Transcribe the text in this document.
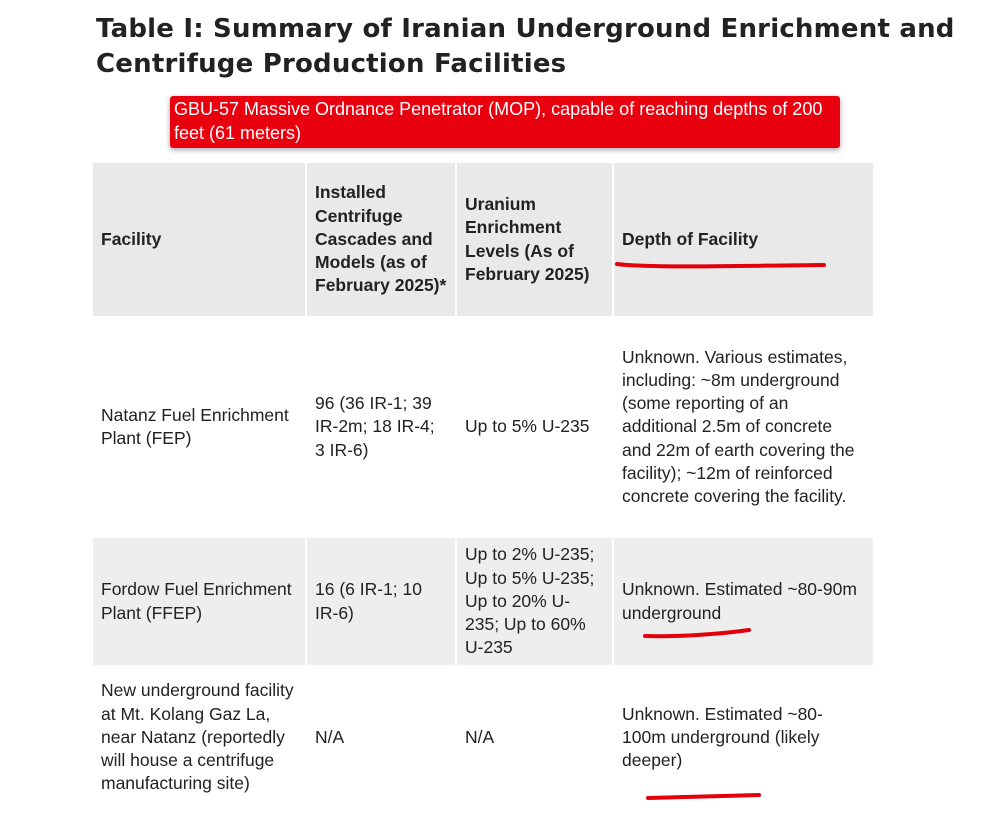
Table I: Summary of Iranian Underground Enrichment and Centrifuge Production Facilities
GBU-57 Massive Ordnance Penetrator (MOP), capable of reaching depths of 200 feet (61 meters)
Facility	Installed Centrifuge Cascades and Models (as of February 2025)*	Uranium Enrichment Levels (As of February 2025)	Depth of Facility
Natanz Fuel Enrichment Plant (FEP)	96 (36 IR-1; 39 IR-2m; 18 IR-4; 3 IR-6)	Up to 5% U-235	Unknown. Various estimates, including: ~8m underground (some reporting of an additional 2.5m of concrete and 22m of earth covering the facility); ~12m of reinforced concrete covering the facility.
Fordow Fuel Enrichment Plant (FFEP)	16 (6 IR-1; 10 IR-6)	Up to 2% U-235; Up to 5% U-235; Up to 20% U-235; Up to 60% U-235	Unknown. Estimated ~80-90m underground
New underground facility at Mt. Kolang Gaz La, near Natanz (reportedly will house a centrifuge manufacturing site)	N/A	N/A	Unknown. Estimated ~80-100m underground (likely deeper)
